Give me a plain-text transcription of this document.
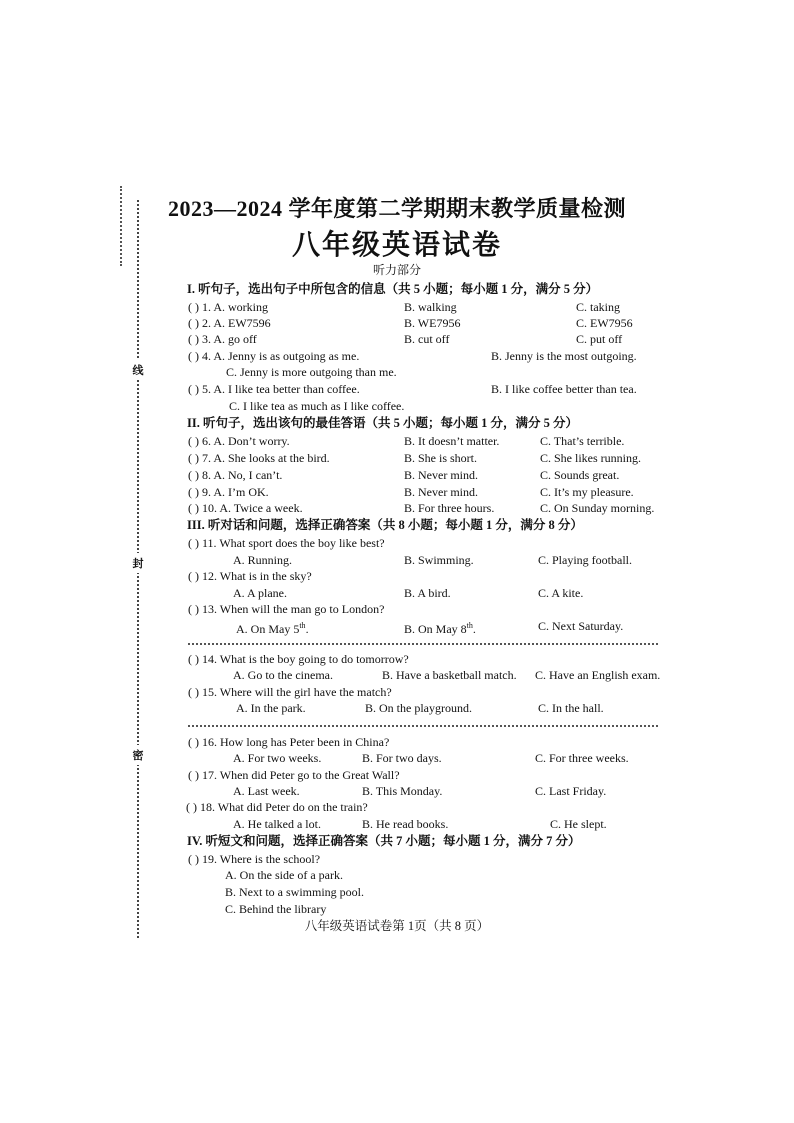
线
封
密
2023—2024 学年度第二学期期末教学质量检测
八年级英语试卷
听力部分
I. 听句子，选出句子中所包含的信息（共 5 小题；每小题 1 分，满分 5 分）
( ) 1. A. working	B. walking	C. taking
( ) 2. A. EW7596	B. WE7956	C. EW7956
( ) 3. A. go off	B. cut off	C. put off
( ) 4. A. Jenny is as outgoing as me.	B. Jenny is the most outgoing.
C. Jenny is more outgoing than me.
( ) 5. A. I like tea better than coffee.	B. I like coffee better than tea.
C. I like tea as much as I like coffee.
II. 听句子，选出该句的最佳答语（共 5 小题；每小题 1 分，满分 5 分）
( ) 6. A. Don’t worry.	B. It doesn’t matter.	C. That’s terrible.
( ) 7. A. She looks at the bird.	B. She is short.	C. She likes running.
( ) 8. A. No, I can’t.	B. Never mind.	C. Sounds great.
( ) 9. A. I’m OK.	B. Never mind.	C. It’s my pleasure.
( ) 10. A. Twice a week.	B. For three hours.	C. On Sunday morning.
III. 听对话和问题，选择正确答案（共 8 小题；每小题 1 分，满分 8 分）
( ) 11. What sport does the boy like best?
A. Running.	B. Swimming.	C. Playing football.
( ) 12. What is in the sky?
A. A plane.	B. A bird.	C. A kite.
( ) 13. When will the man go to London?
A. On May 5th.	B. On May 8th.	C. Next Saturday.
( ) 14. What is the boy going to do tomorrow?
A. Go to the cinema.	B. Have a basketball match. C. Have an English exam.
( ) 15. Where will the girl have the match?
A. In the park.	B. On the playground.	C. In the hall.
( ) 16. How long has Peter been in China?
A. For two weeks.	B. For two days.	C. For three weeks.
( ) 17. When did Peter go to the Great Wall?
A. Last week.	B. This Monday.	C. Last Friday.
( ) 18. What did Peter do on the train?
A. He talked a lot.	B. He read books.	C. He slept.
IV. 听短文和问题，选择正确答案（共 7 小题；每小题 1 分，满分 7 分）
( ) 19. Where is the school?
A. On the side of a park.
B. Next to a swimming pool.
C. Behind the library
八年级英语试卷第 1页（共 8 页）
